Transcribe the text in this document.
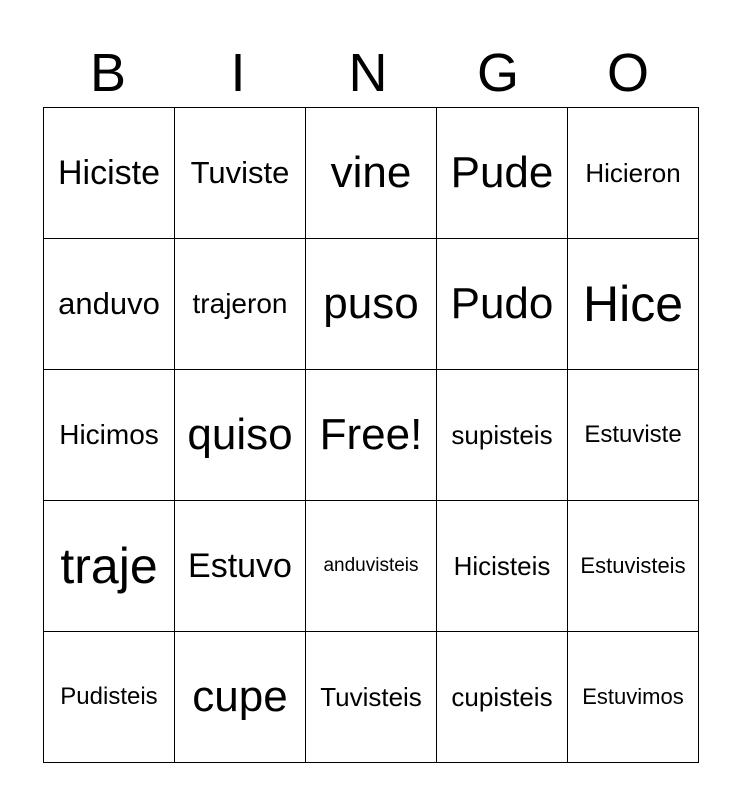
B	I	N	G	O
Hiciste	Tuviste	vine	Pude	Hicieron
anduvo	trajeron	puso	Pudo	Hice
Hicimos	quiso	Free!	supisteis	Estuviste
traje	Estuvo	anduvisteis	Hicisteis	Estuvisteis
Pudisteis	cupe	Tuvisteis	cupisteis	Estuvimos
